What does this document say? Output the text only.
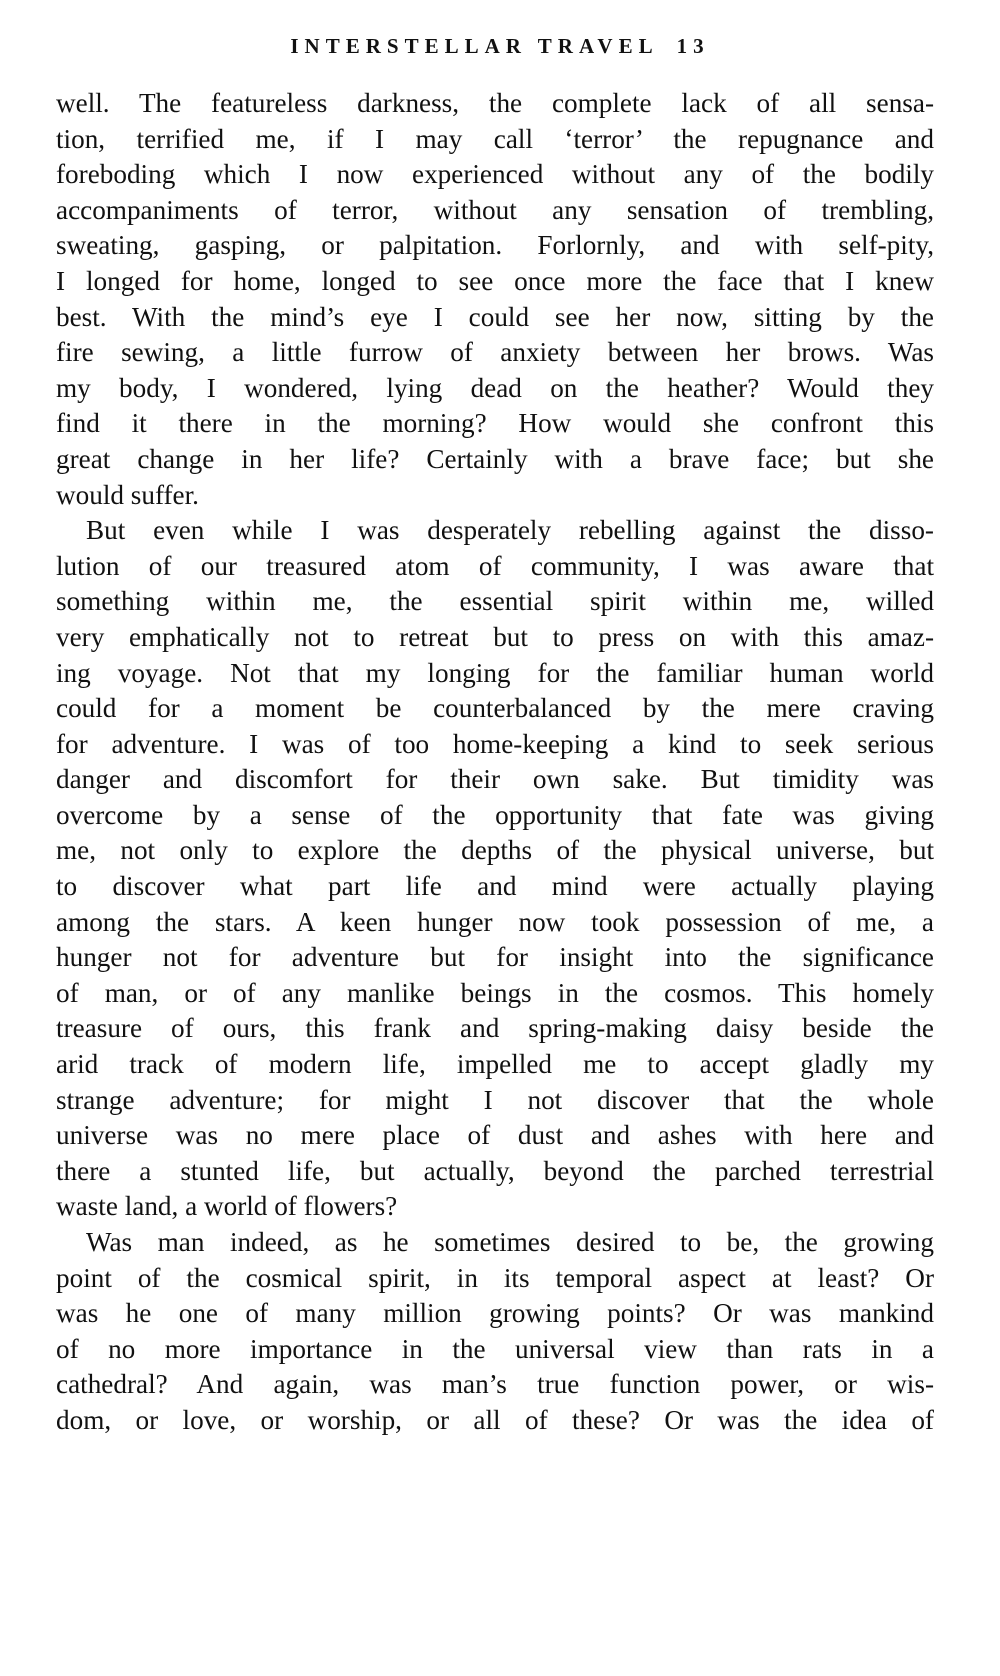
INTERSTELLAR TRAVEL 13
well. The featureless darkness, the complete lack of all sensa-
tion, terrified me, if I may call ‘terror’ the repugnance and
foreboding which I now experienced without any of the bodily
accompaniments of terror, without any sensation of trembling,
sweating, gasping, or palpitation. Forlornly, and with self-pity,
I longed for home, longed to see once more the face that I knew
best. With the mind’s eye I could see her now, sitting by the
fire sewing, a little furrow of anxiety between her brows. Was
my body, I wondered, lying dead on the heather? Would they
find it there in the morning? How would she confront this
great change in her life? Certainly with a brave face; but she
would suffer.
But even while I was desperately rebelling against the disso-
lution of our treasured atom of community, I was aware that
something within me, the essential spirit within me, willed
very emphatically not to retreat but to press on with this amaz-
ing voyage. Not that my longing for the familiar human world
could for a moment be counterbalanced by the mere craving
for adventure. I was of too home-keeping a kind to seek serious
danger and discomfort for their own sake. But timidity was
overcome by a sense of the opportunity that fate was giving
me, not only to explore the depths of the physical universe, but
to discover what part life and mind were actually playing
among the stars. A keen hunger now took possession of me, a
hunger not for adventure but for insight into the significance
of man, or of any manlike beings in the cosmos. This homely
treasure of ours, this frank and spring-making daisy beside the
arid track of modern life, impelled me to accept gladly my
strange adventure; for might I not discover that the whole
universe was no mere place of dust and ashes with here and
there a stunted life, but actually, beyond the parched terrestrial
waste land, a world of flowers?
Was man indeed, as he sometimes desired to be, the growing
point of the cosmical spirit, in its temporal aspect at least? Or
was he one of many million growing points? Or was mankind
of no more importance in the universal view than rats in a
cathedral? And again, was man’s true function power, or wis-
dom, or love, or worship, or all of these? Or was the idea of
